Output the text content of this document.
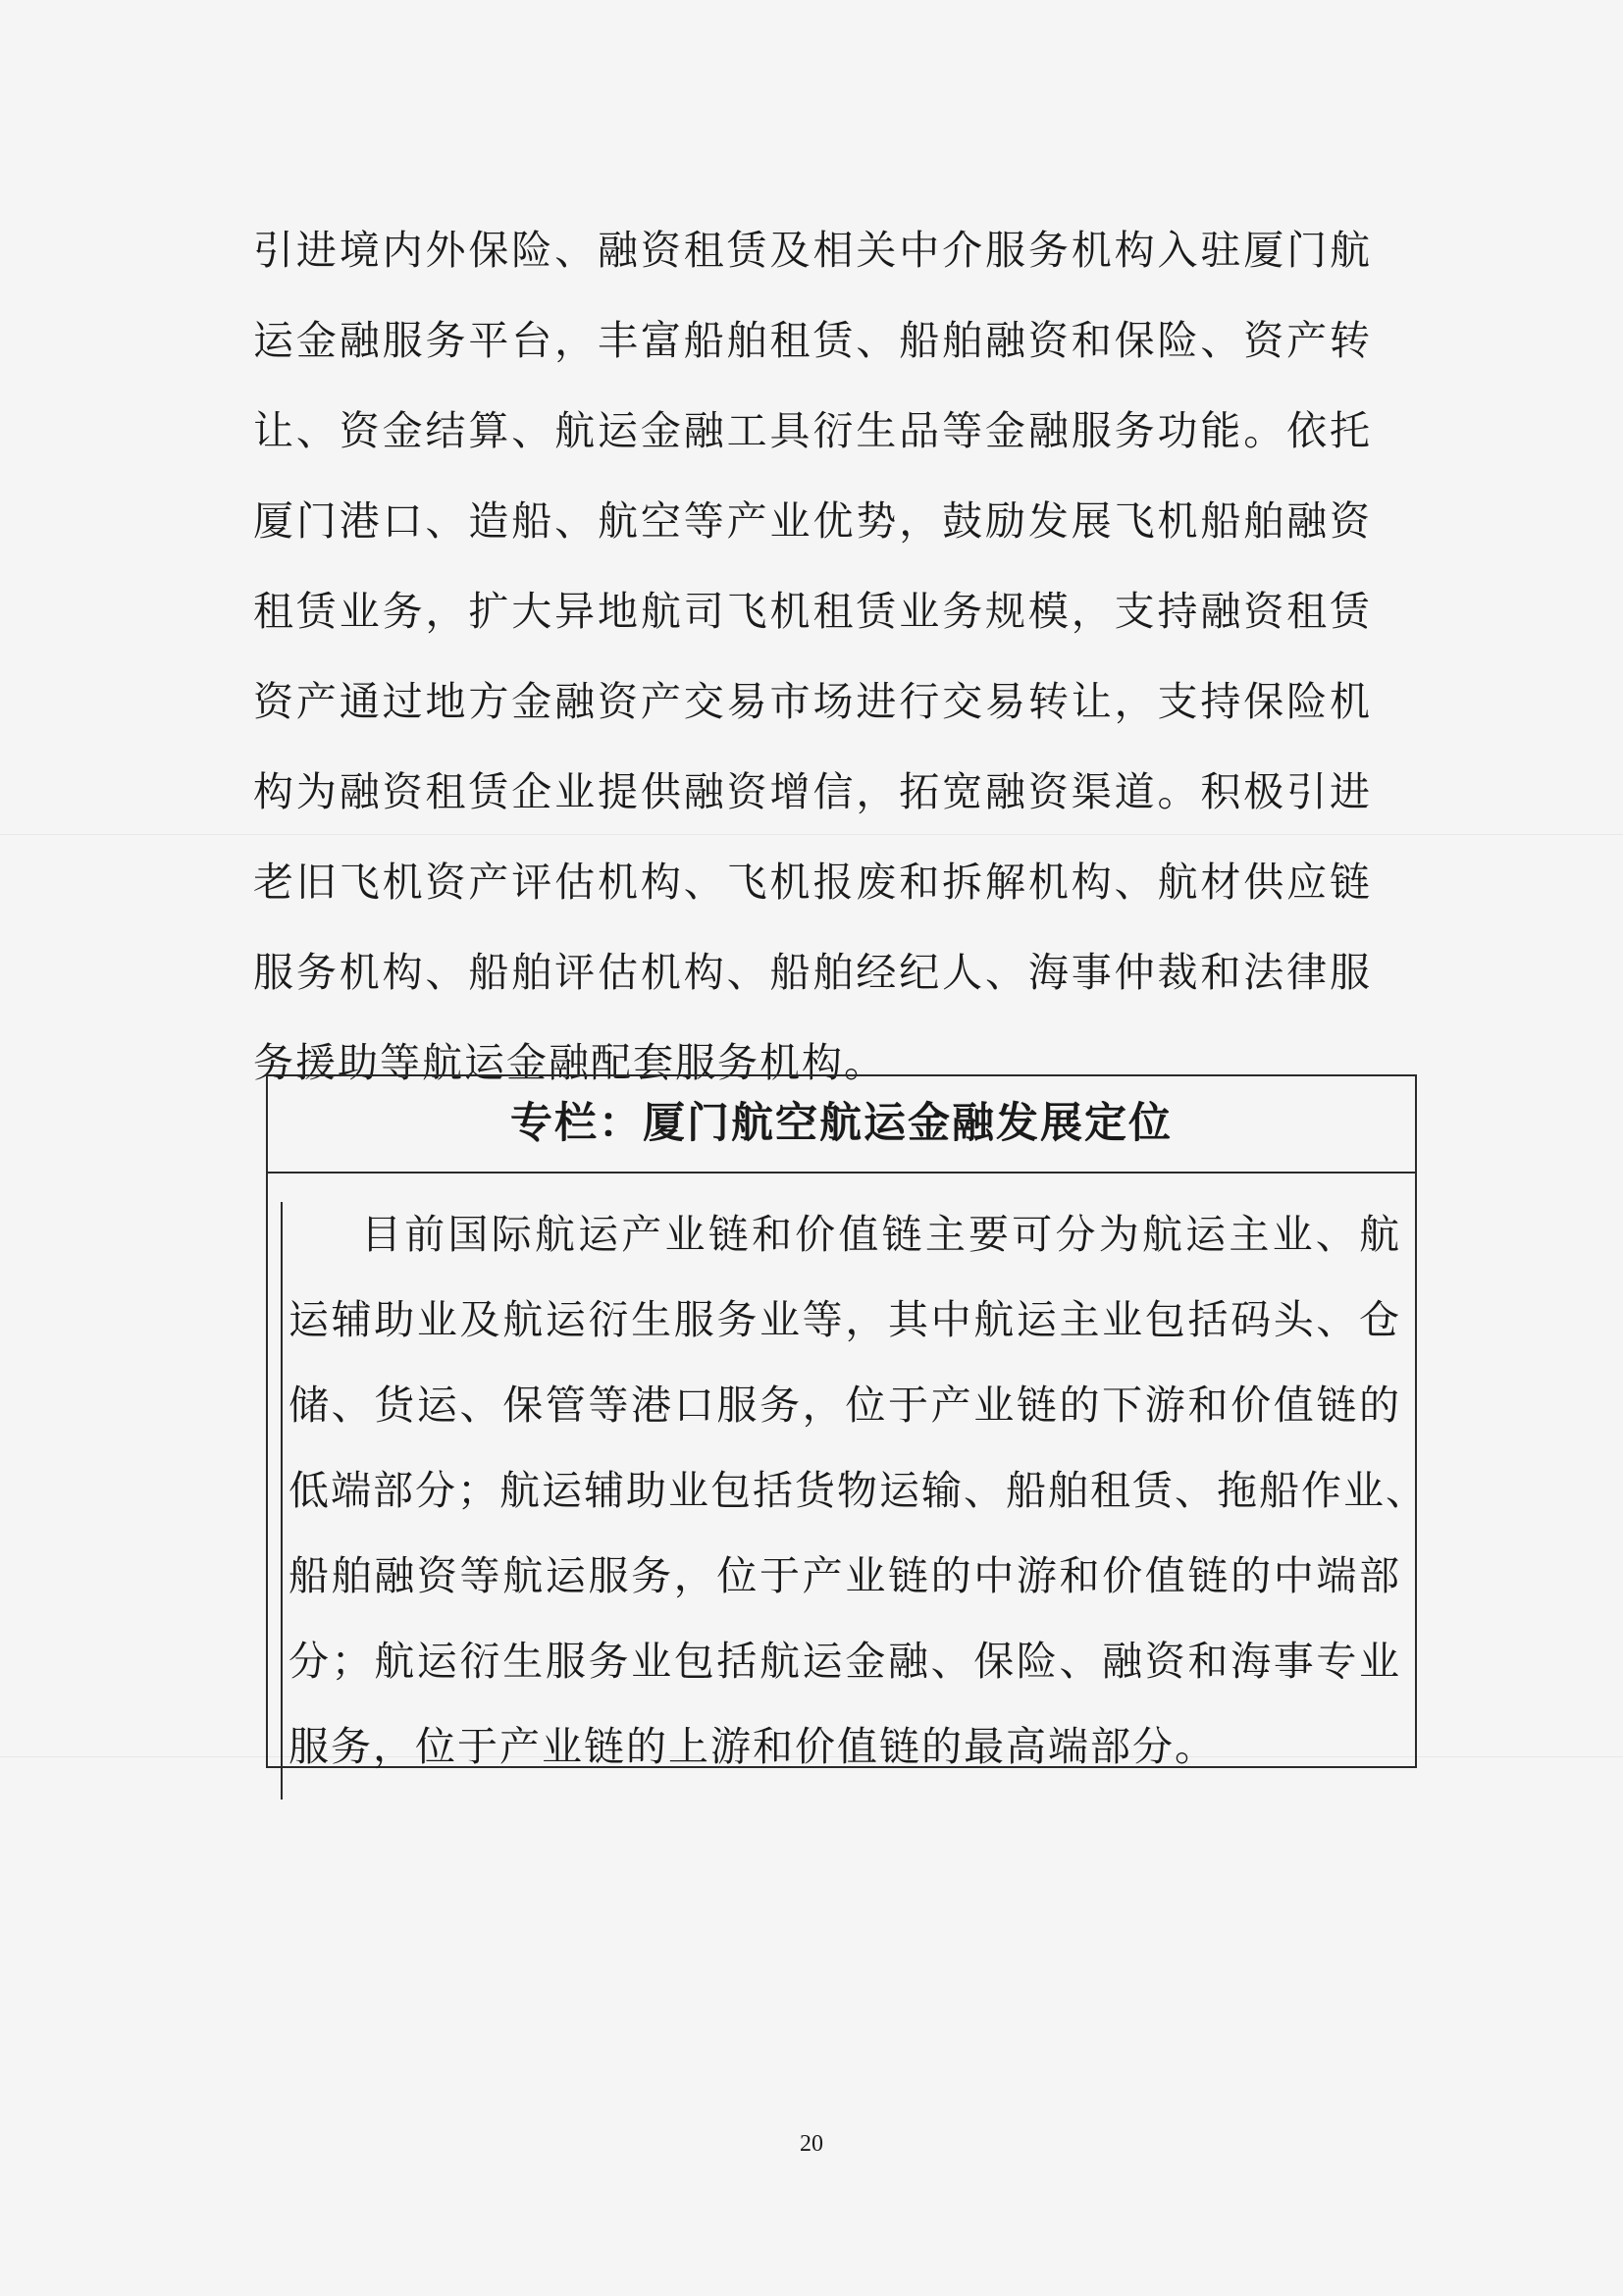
引进境内外保险、融资租赁及相关中介服务机构入驻厦门航
运金融服务平台，丰富船舶租赁、船舶融资和保险、资产转
让、资金结算、航运金融工具衍生品等金融服务功能。依托
厦门港口、造船、航空等产业优势，鼓励发展飞机船舶融资
租赁业务，扩大异地航司飞机租赁业务规模，支持融资租赁
资产通过地方金融资产交易市场进行交易转让，支持保险机
构为融资租赁企业提供融资增信，拓宽融资渠道。积极引进
老旧飞机资产评估机构、飞机报废和拆解机构、航材供应链
服务机构、船舶评估机构、船舶经纪人、海事仲裁和法律服
务援助等航运金融配套服务机构。
专栏：厦门航空航运金融发展定位
目前国际航运产业链和价值链主要可分为航运主业、航
运辅助业及航运衍生服务业等，其中航运主业包括码头、仓
储、货运、保管等港口服务，位于产业链的下游和价值链的
低端部分；航运辅助业包括货物运输、船舶租赁、拖船作业、
船舶融资等航运服务，位于产业链的中游和价值链的中端部
分；航运衍生服务业包括航运金融、保险、融资和海事专业
服务，位于产业链的上游和价值链的最高端部分。
20
